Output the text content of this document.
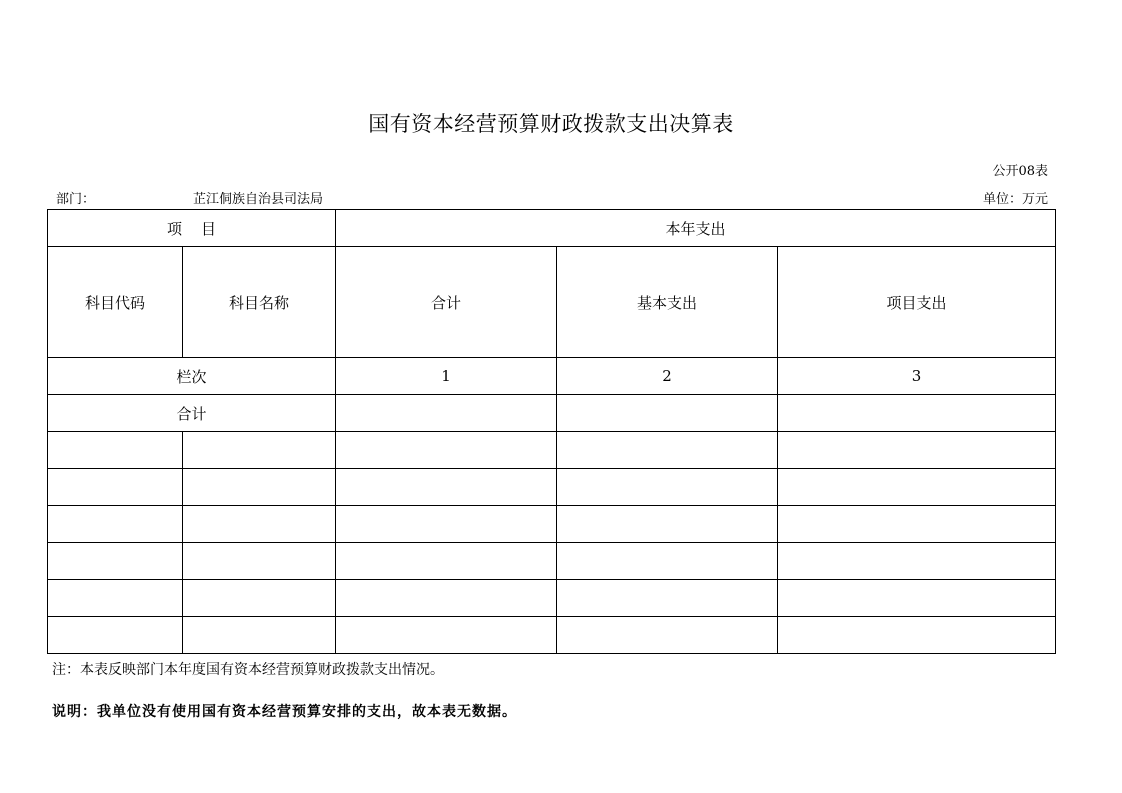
国有资本经营预算财政拨款支出决算表
公开08表
部门：	芷江侗族自治县司法局	单位：万元
项    目		本年支出		
科目代码	科目名称	合计	基本支出	项目支出
栏次		1	2	3
合计				

注：本表反映部门本年度国有资本经营预算财政拨款支出情况。
说明：我单位没有使用国有资本经营预算安排的支出，故本表无数据。
